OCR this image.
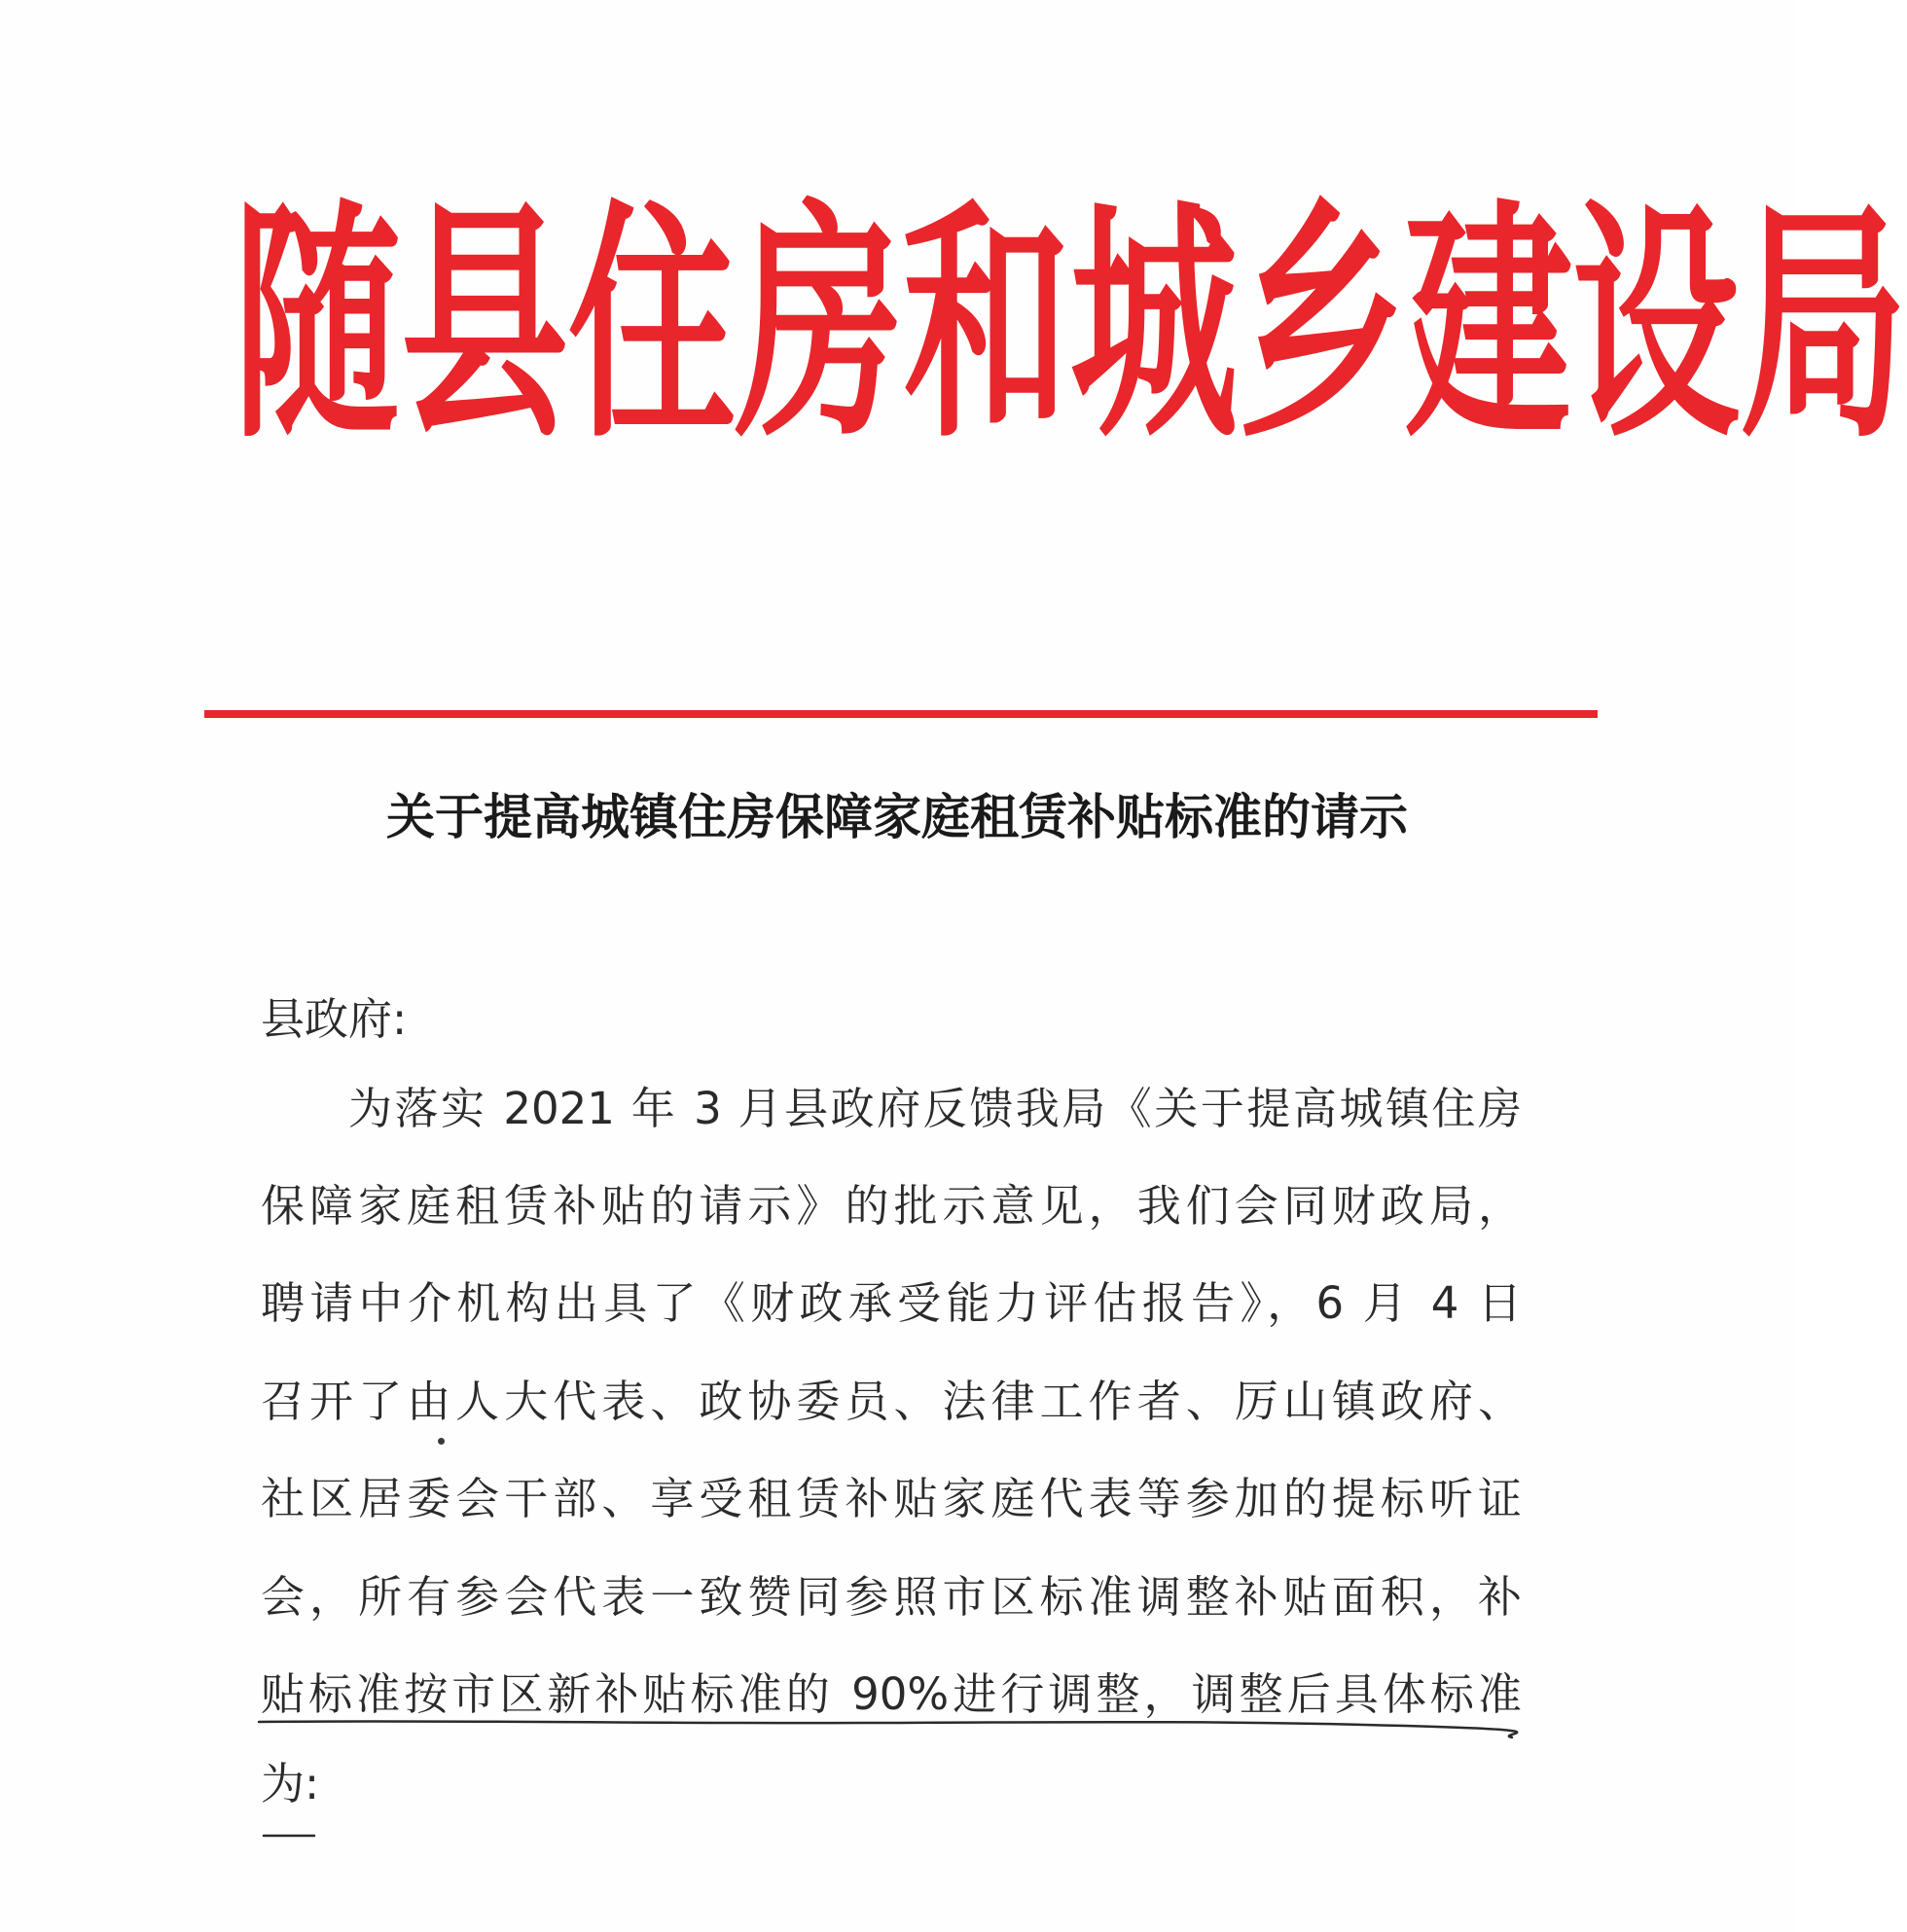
随 县 住 房 和 城 乡 建 设 局
关于提高城镇住房保障家庭租赁补贴标准的请示
县政府:
为落实 2021 年 3 月县政府反馈我局《关于提高城镇住房
保障家庭租赁补贴的请示》的批示意见，我们会同财政局，
聘请中介机构出具了《财政承受能力评估报告》，6 月 4 日
召开了由人大代表、政协委员、法律工作者、厉山镇政府、
社区居委会干部、享受租赁补贴家庭代表等参加的提标听证
会，所有参会代表一致赞同参照市区标准调整补贴面积，补
贴标准按市区新补贴标准的 90%进行调整，调整后具体标准
为:
